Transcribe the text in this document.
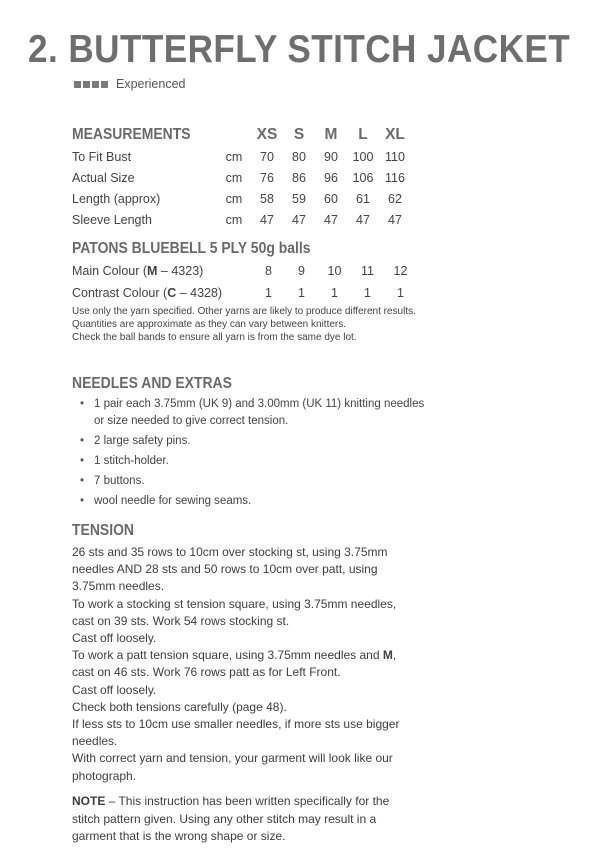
2. BUTTERFLY STITCH JACKET
Experienced
MEASUREMENTS		XS	S	M	L	XL
To Fit Bust	cm	70	80	90	100	110
Actual Size	cm	76	86	96	106	116
Length (approx)	cm	58	59	60	61	62
Sleeve Length	cm	47	47	47	47	47
PATONS BLUEBELL 5 PLY 50g balls
Main Colour (M – 4323)	8	9	10	11	12
Contrast Colour (C – 4328)	1	1	1	1	1

Use only the yarn specified. Other yarns are likely to produce different results.

Quantities are approximate as they can vary between knitters.

Check the ball bands to ensure all yarn is from the same dye lot.

NEEDLES AND EXTRAS
• 1 pair each 3.75mm (UK 9) and 3.00mm (UK 11) knitting needles or size needed to give correct tension.
• 2 large safety pins.
• 1 stitch-holder.
• 7 buttons.
• wool needle for sewing seams.
TENSION

26 sts and 35 rows to 10cm over stocking st, using 3.75mm needles AND 28 sts and 50 rows to 10cm over patt, using 3.75mm needles.

To work a stocking st tension square, using 3.75mm needles, cast on 39 sts. Work 54 rows stocking st.

Cast off loosely.

To work a patt tension square, using 3.75mm needles and M, cast on 46 sts. Work 76 rows patt as for Left Front.

Cast off loosely.

Check both tensions carefully (page 48).

If less sts to 10cm use smaller needles, if more sts use bigger needles.

With correct yarn and tension, your garment will look like our photograph.

NOTE – This instruction has been written specifically for the stitch pattern given. Using any other stitch may result in a garment that is the wrong shape or size.
